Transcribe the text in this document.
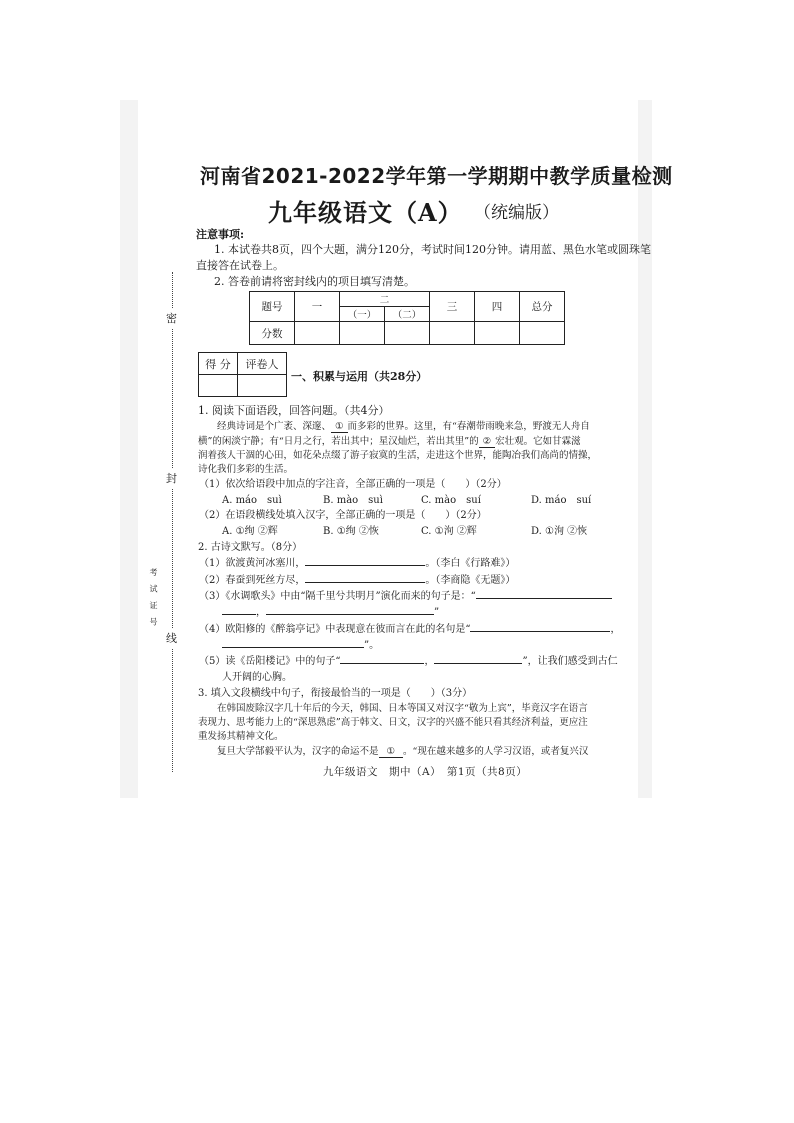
密
封
线
考 试 证 号
河南省2021-2022学年第一学期期中教学质量检测
九年级语文（A） （统编版）
注意事项:
1. 本试卷共8页，四个大题，满分120分，考试时间120分钟。请用蓝、黑色水笔或圆珠笔
直接答在试卷上。
2. 答卷前请将密封线内的项目填写清楚。
题号	一	二		三	四	总分
		（一）	（二）			
分数						
得 分	评卷人

一、积累与运用（共28分）
1. 阅读下面语段，回答问题。（共4分）
经典诗词是个广袤、深邃、 ① 而多彩的世界。这里，有“春潮带雨晚来急，野渡无人舟自
横”的闲淡宁静；有“日月之行，若出其中；星汉灿烂，若出其里”的 ② 宏壮观。它如甘霖滋
润着孩人干涸的心田，如花朵点缀了游子寂寞的生活，走进这个世界，能陶冶我们高尚的情操，
诗化我们多彩的生活。
（1）依次给语段中加点的字注音，全部正确的一项是（　　）（2分）
A. máo　suì	B. mào　suì	C. mào　suí	D. máo　suí
（2）在语段横线处填入汉字，全部正确的一项是（　　）（2分）
A. ①绚 ②辉	B. ①绚 ②恢	C. ①洵 ②辉	D. ①洵 ②恢
2. 古诗文默写。（8分）
（1）欲渡黄河冰塞川，	。（李白《行路难》）
（2）春蚕到死丝方尽，	。（李商隐《无题》）
（3）《水调歌头》中由“隔千里兮共明月”演化而来的句子是：“
，	”
（4）欧阳修的《醉翁亭记》中表现意在彼而言在此的名句是“	，
”。
（5）读《岳阳楼记》中的句子“	，	”，让我们感受到古仁
人开阔的心胸。
3. 填入文段横线中句子，衔接最恰当的一项是（　　）（3分）
在韩国废除汉字几十年后的今天，韩国、日本等国又对汉字“敬为上宾”，毕竟汉字在语言
表现力、思考能力上的“深思熟虑”高于韩文、日文，汉字的兴盛不能只看其经济利益，更应注
重发扬其精神文化。
复旦大学郜毅平认为，汉字的命运不是 ① 。“现在越来越多的人学习汉语，或者复兴汉
九年级语文　期中（A）　第1页（共8页）
